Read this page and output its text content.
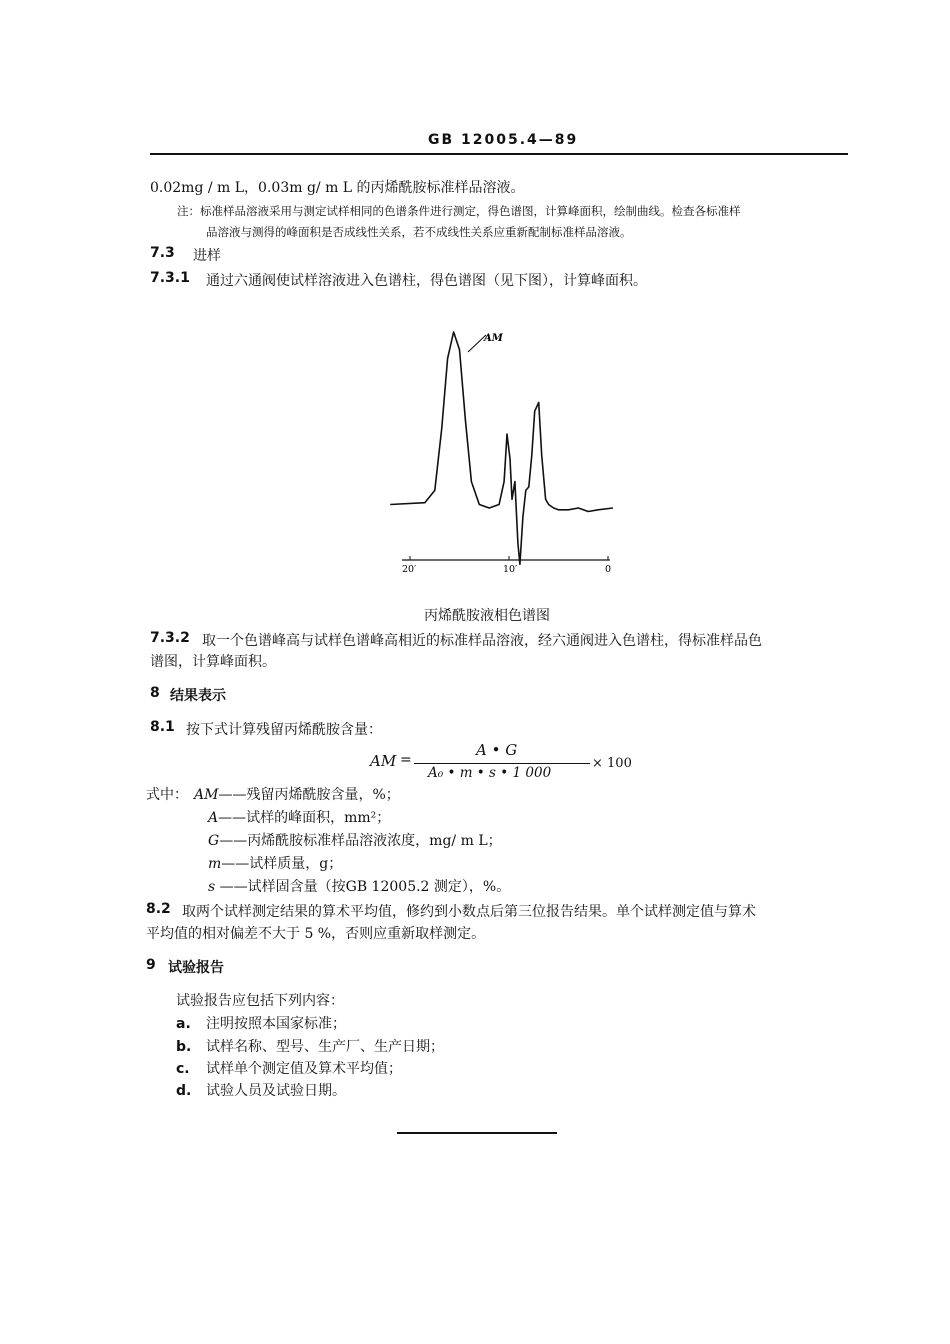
GB 12005.4—89
0.02mg / m L，0.03m g/ m L 的丙烯酰胺标准样品溶液。
注：标准样品溶液采用与测定试样相同的色谱条件进行测定，得色谱图，计算峰面积，绘制曲线。检查各标准样
品溶液与测得的峰面积是否成线性关系，若不成线性关系应重新配制标准样品溶液。
7.3 进样
7.3.1 通过六通阀使试样溶液进入色谱柱，得色谱图（见下图），计算峰面积。
AM
20′	10′	0
丙烯酰胺液相色谱图
7.3.2 取一个色谱峰高与试样色谱峰高相近的标准样品溶液，经六通阀进入色谱柱，得标准样品色
谱图，计算峰面积。
8 结果表示
8.1 按下式计算残留丙烯酰胺含量：
AM =
A • G
A₀ • m • s • 1 000
× 100
式中： AM——残留丙烯酰胺含量，%；
A——试样的峰面积，mm²；
G——丙烯酰胺标准样品溶液浓度，mg/ m L；
m——试样质量，g；
s ——试样固含量（按GB 12005.2 测定），%。
8.2 取两个试样测定结果的算术平均值，修约到小数点后第三位报告结果。单个试样测定值与算术
平均值的相对偏差不大于 5 %，否则应重新取样测定。
9 试验报告
试验报告应包括下列内容：
a. 注明按照本国家标准；
b. 试样名称、型号、生产厂、生产日期；
c. 试样单个测定值及算术平均值；
d. 试验人员及试验日期。
